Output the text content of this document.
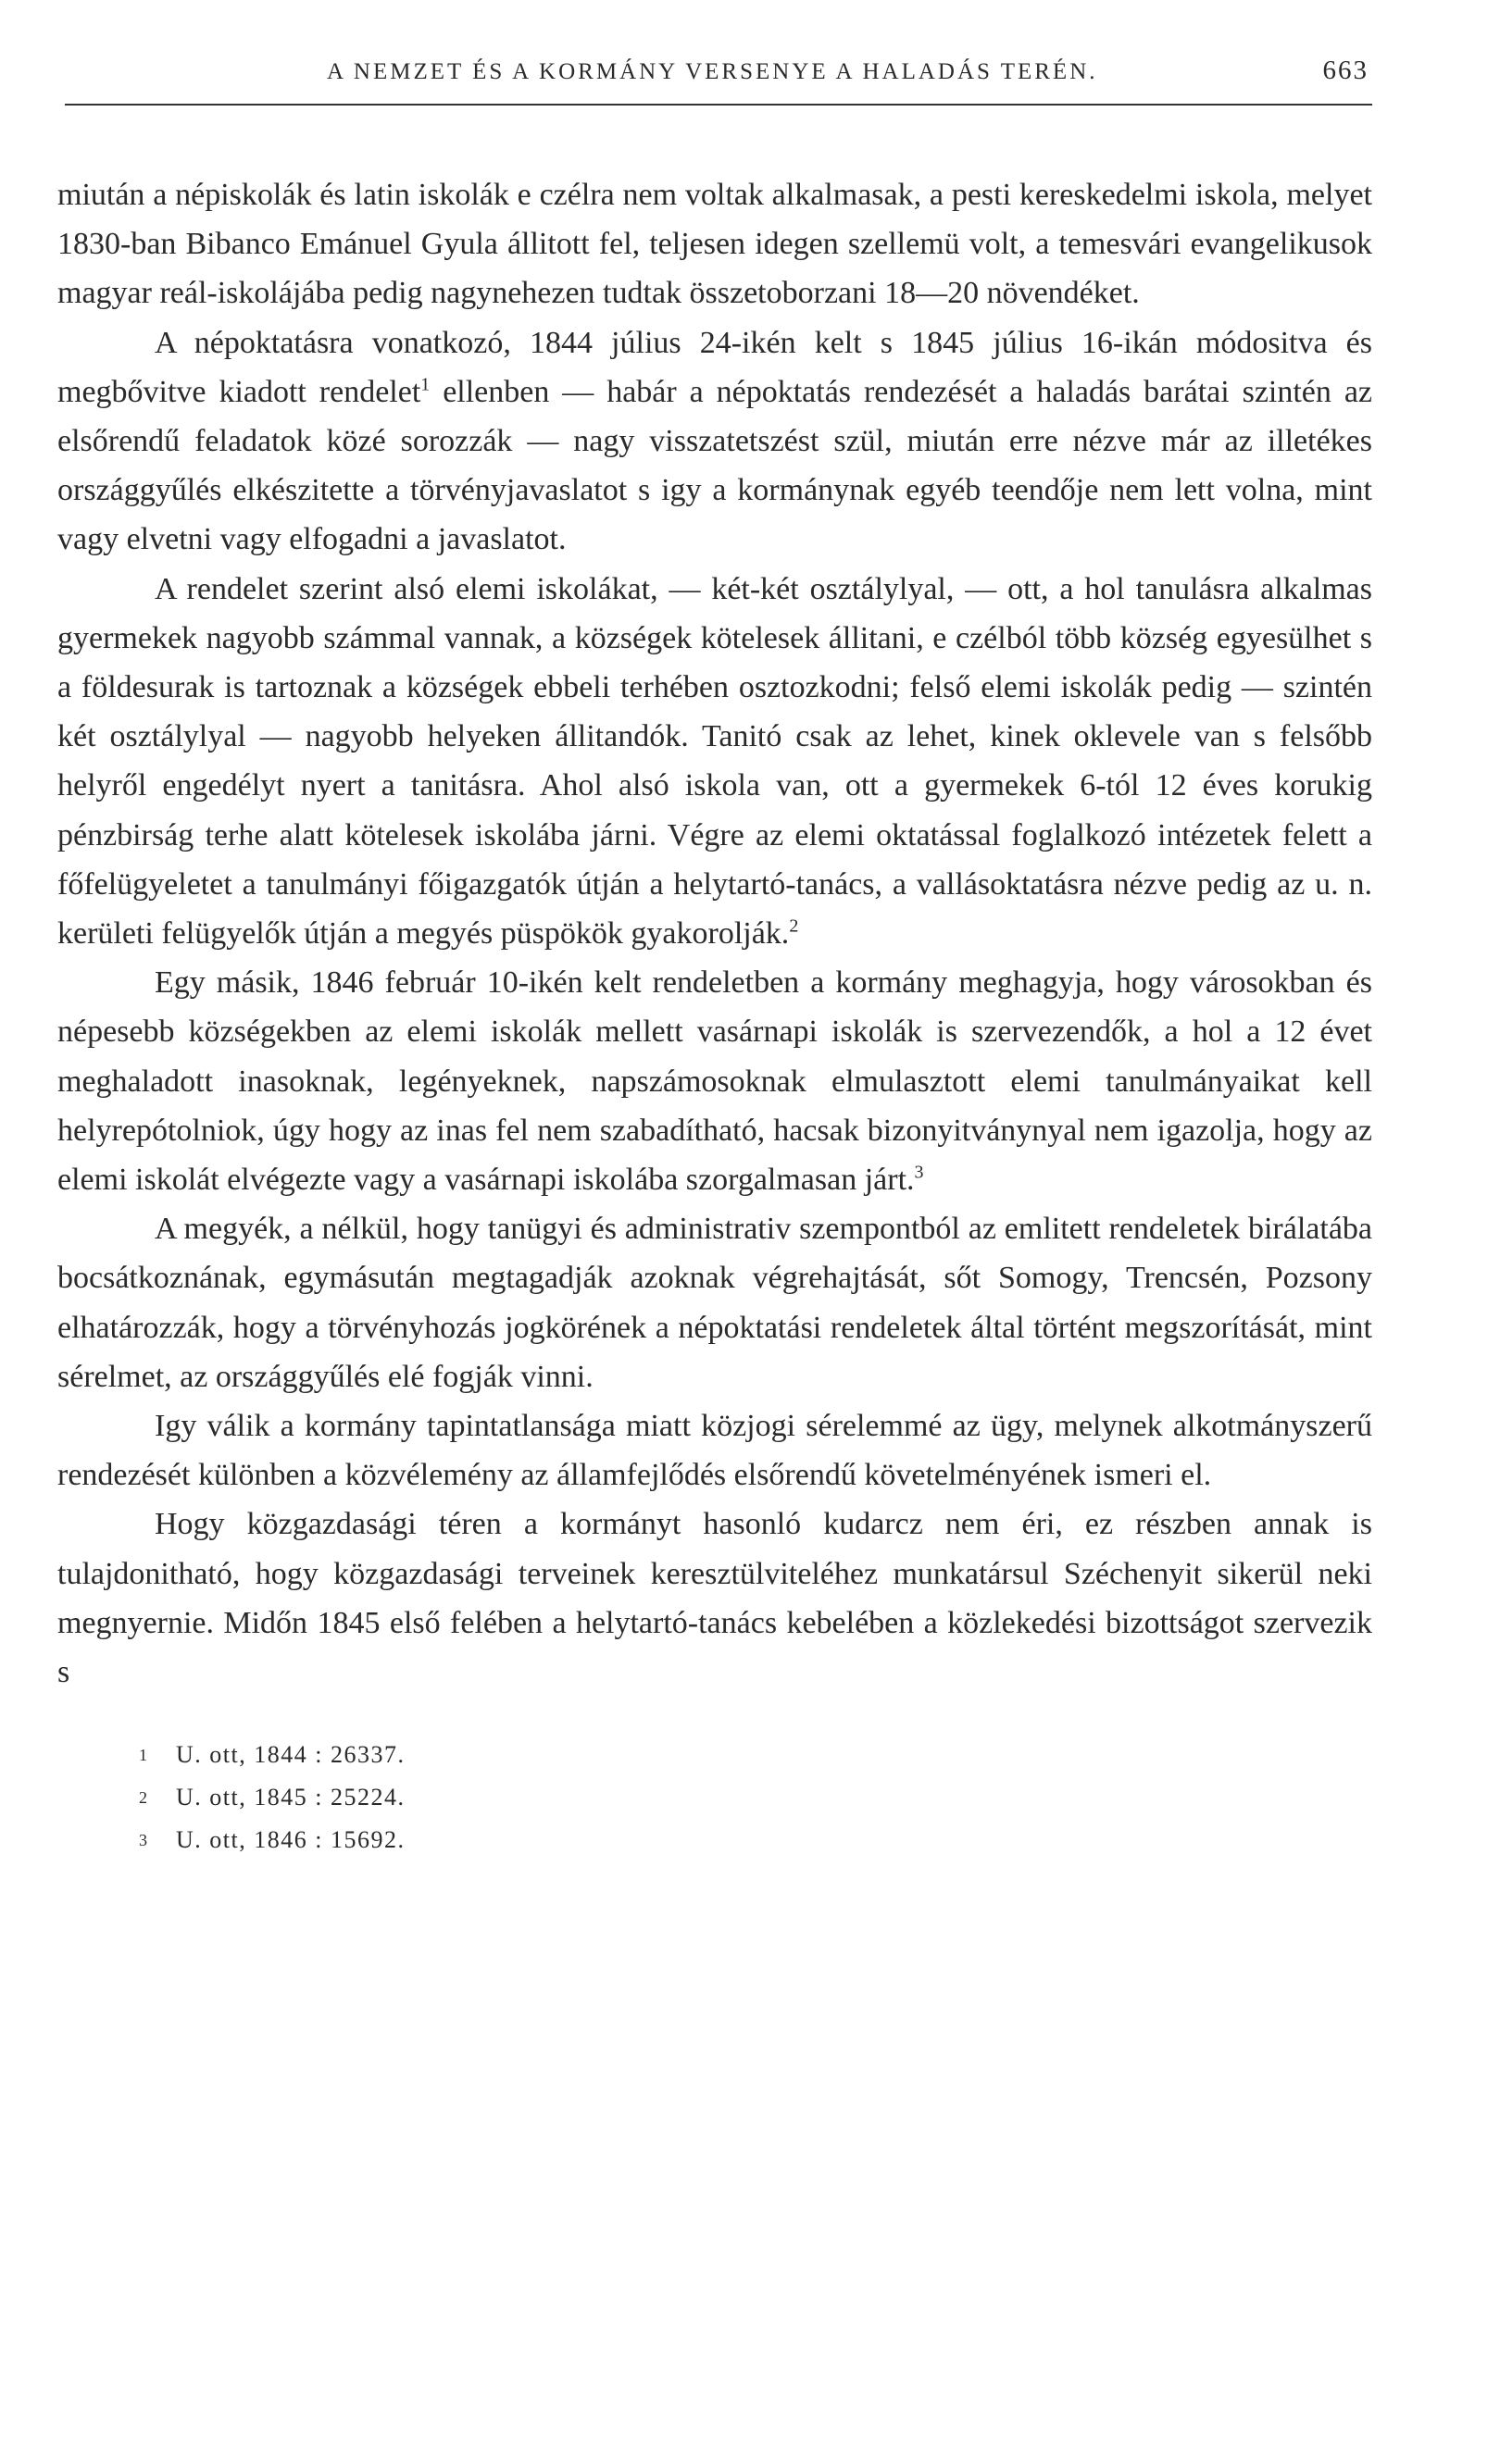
A NEMZET ÉS A KORMÁNY VERSENYE A HALADÁS TERÉN.	663

miután a népiskolák és latin iskolák e czélra nem voltak alkalmasak, a pesti kereskedelmi iskola, melyet 1830-ban Bibanco Emánuel Gyula állitott fel, teljesen idegen szellemü volt, a temesvári evangelikusok magyar reál-iskolájába pedig nagynehezen tudtak összetoborzani 18—20 növendéket.

A népoktatásra vonatkozó, 1844 július 24-ikén kelt s 1845 július 16-ikán módositva és megbővitve kiadott rendelet$^1$ ellenben — habár a népoktatás rendezését a haladás barátai szintén az elsőrendű feladatok közé sorozzák — nagy visszatetszést szül, miután erre nézve már az illetékes országgyűlés elkészitette a törvényjavaslatot s igy a kormánynak egyéb teendője nem lett volna, mint vagy elvetni vagy elfogadni a javaslatot.

A rendelet szerint alsó elemi iskolákat, — két-két osztálylyal, — ott, a hol tanulásra alkalmas gyermekek nagyobb számmal vannak, a községek kötelesek állitani, e czélból több község egyesülhet s a földesurak is tartoznak a községek ebbeli terhében osztozkodni; felső elemi iskolák pedig — szintén két osztálylyal — nagyobb helyeken állitandók. Tanitó csak az lehet, kinek oklevele van s felsőbb helyről engedélyt nyert a tanitásra. Ahol alsó iskola van, ott a gyermekek 6-tól 12 éves korukig pénzbirság terhe alatt kötelesek iskolába járni. Végre az elemi oktatással foglalkozó intézetek felett a főfelügyeletet a tanulmányi főigazgatók útján a helytartó-tanács, a vallásoktatásra nézve pedig az u. n. kerületi felügyelők útján a megyés püspökök gyakorolják.$^2$

Egy másik, 1846 február 10-ikén kelt rendeletben a kormány meghagyja, hogy városokban és népesebb községekben az elemi iskolák mellett vasárnapi iskolák is szervezendők, a hol a 12 évet meghaladott inasoknak, legényeknek, napszámosoknak elmulasztott elemi tanulmányaikat kell helyrepótolniok, úgy hogy az inas fel nem szabadítható, hacsak bizonyitványnyal nem igazolja, hogy az elemi iskolát elvégezte vagy a vasárnapi iskolába szorgalmasan járt.$^3$

A megyék, a nélkül, hogy tanügyi és administrativ szempontból az emlitett rendeletek birálatába bocsátkoznának, egymásután megtagadják azoknak végrehajtását, sőt Somogy, Trencsén, Pozsony elhatározzák, hogy a törvényhozás jogkörének a népoktatási rendeletek által történt megszorítását, mint sérelmet, az országgyűlés elé fogják vinni.

Igy válik a kormány tapintatlansága miatt közjogi sérelemmé az ügy, melynek alkotmányszerű rendezését különben a közvélemény az államfejlődés elsőrendű követelményének ismeri el.

Hogy közgazdasági téren a kormányt hasonló kudarcz nem éri, ez részben annak is tulajdonitható, hogy közgazdasági terveinek keresztülviteléhez munkatársul Széchenyit sikerül neki megnyernie. Midőn 1845 első felében a helytartó-tanács kebelében a közlekedési bizottságot szervezik s

1	U. ott, 1844 : 26337.
2	U. ott, 1845 : 25224.
3	U. ott, 1846 : 15692.
